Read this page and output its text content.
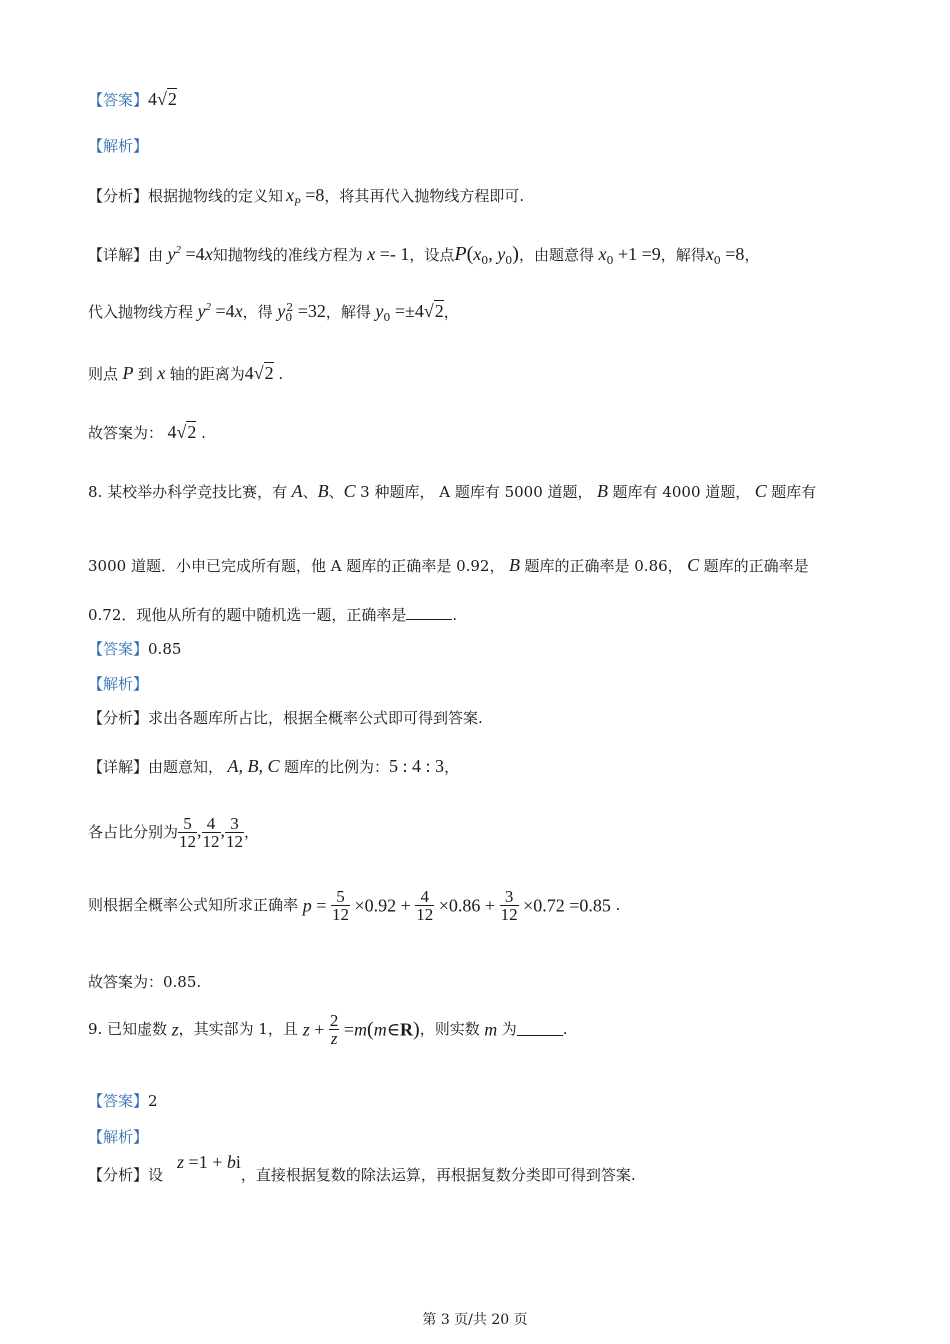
【答案】4√2
【解析】
【分析】根据抛物线的定义知 $x_P =8$，将其再代入抛物线方程即可.
【详解】由 $y^2 =4x$知抛物线的准线方程为 x =- 1，设点$P(x_0$, $y_0$)，由题意得 $x_0 +1 =9$，解得$x_0 =8$，
代入抛物线方程 $y^2 =4x$，得 $y_0^2 =32$，解得 $y_0 =\pm 4√2$，
则点 P 到 x 轴的距离为4√2 .
故答案为： 4√2 .
8. 某校举办科学竞技比赛，有 A、B、C 3 种题库， A 题库有 5000 道题， B 题库有 4000 道题， C 题库有
3000 道题．小申已完成所有题，他 A 题库的正确率是 0.92， B 题库的正确率是 0.86， C 题库的正确率是
0.72．现他从所有的题中随机选一题，正确率是	.
【答案】0.85
【解析】
【分析】求出各题库所占比，根据全概率公式即可得到答案.
【详解】由题意知， A, B, C 题库的比例为：5 : 4 : 3，
各占比分别为 $\frac{5}{12}$ , $\frac{4}{12}$ , $\frac{3}{12}$ ，
则根据全概率公式知所求正确率 $p = \frac{5}{12} \times 0.92 + \frac{4}{12} \times 0.86 + \frac{3}{12} \times 0.72 =0.85$ .
故答案为：0.85.
9. 已知虚数 z，其实部为 1，且 $z + \frac{2}{z}$ =m(m∈R)，则实数 m 为	.
【答案】2
【解析】
【分析】设z =1 + bi，直接根据复数的除法运算，再根据复数分类即可得到答案.
第 3 页/共 20 页
